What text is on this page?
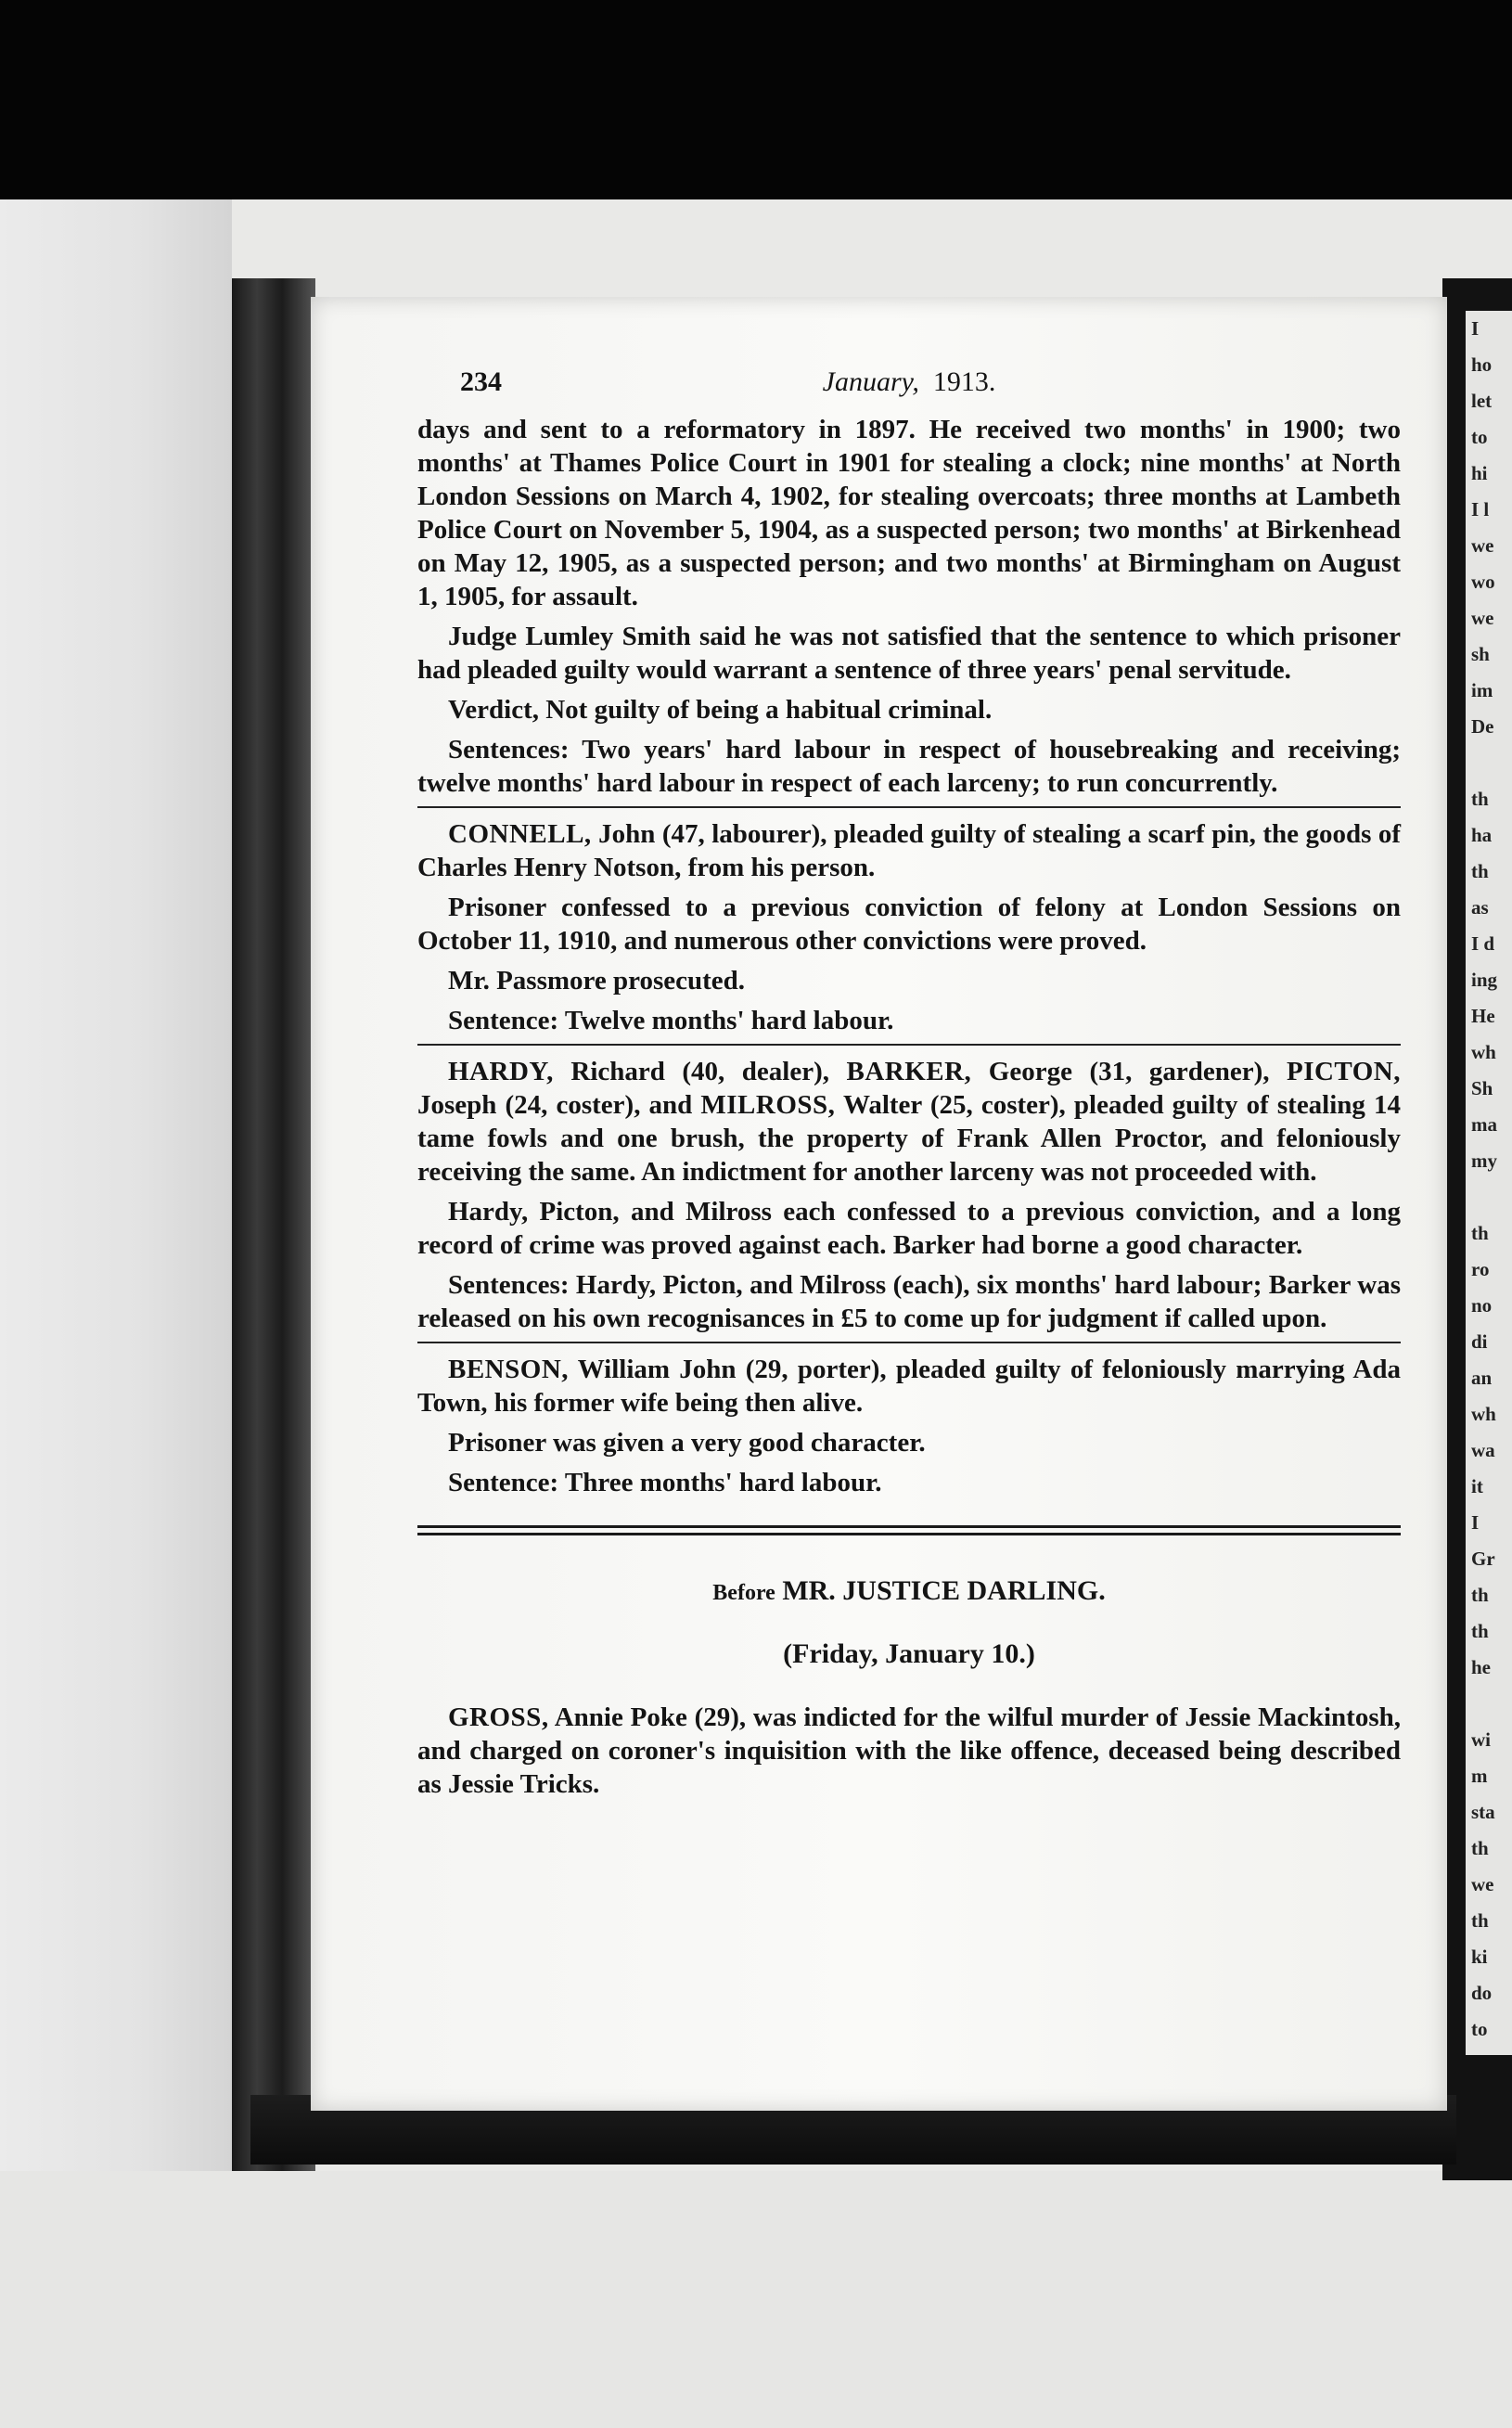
I
ho
let
to
hi
I l
we
wo
we
sh
im
De

th
ha
th
as
I d
ing
He
wh
Sh
ma
my

th
ro
no
di
an
wh
wa
it
I
Gr
th
th
he

wi
m
sta
th
we
th
ki
do
to
234	January, 1913.

days and sent to a reformatory in 1897. He received two months' in 1900; two months' at Thames Police Court in 1901 for stealing a clock; nine months' at North London Sessions on March 4, 1902, for stealing overcoats; three months at Lambeth Police Court on November 5, 1904, as a suspected person; two months' at Birkenhead on May 12, 1905, as a suspected person; and two months' at Birmingham on August 1, 1905, for assault.

Judge Lumley Smith said he was not satisfied that the sentence to which prisoner had pleaded guilty would warrant a sentence of three years' penal servitude.

Verdict, Not guilty of being a habitual criminal.

Sentences: Two years' hard labour in respect of housebreaking and receiving; twelve months' hard labour in respect of each larceny; to run concurrently.

CONNELL, John (47, labourer), pleaded guilty of stealing a scarf pin, the goods of Charles Henry Notson, from his person.

Prisoner confessed to a previous conviction of felony at London Sessions on October 11, 1910, and numerous other convictions were proved.

Mr. Passmore prosecuted.

Sentence: Twelve months' hard labour.

HARDY, Richard (40, dealer), BARKER, George (31, gardener), PICTON, Joseph (24, coster), and MILROSS, Walter (25, coster), pleaded guilty of stealing 14 tame fowls and one brush, the property of Frank Allen Proctor, and feloniously receiving the same. An indictment for another larceny was not proceeded with.

Hardy, Picton, and Milross each confessed to a previous conviction, and a long record of crime was proved against each. Barker had borne a good character.

Sentences: Hardy, Picton, and Milross (each), six months' hard labour; Barker was released on his own recognisances in £5 to come up for judgment if called upon.

BENSON, William John (29, porter), pleaded guilty of feloniously marrying Ada Town, his former wife being then alive.

Prisoner was given a very good character.

Sentence: Three months' hard labour.

Before MR. JUSTICE DARLING.
(Friday, January 10.)

GROSS, Annie Poke (29), was indicted for the wilful murder of Jessie Mackintosh, and charged on coroner's inquisition with the like offence, deceased being described as Jessie Tricks.
